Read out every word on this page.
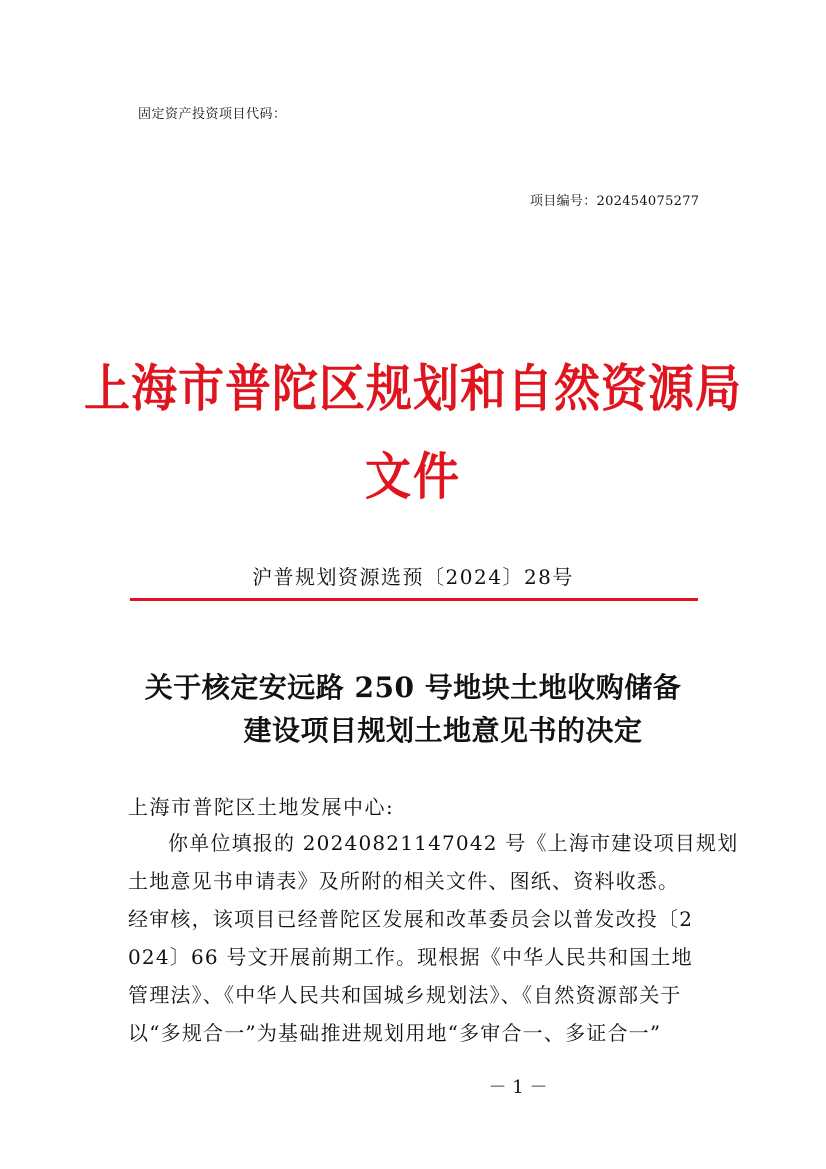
固定资产投资项目代码：
项目编号：202454075277
上海市普陀区规划和自然资源局
文件
沪普规划资源选预〔2024〕28号
关于核定安远路 250 号地块土地收购储备
建设项目规划土地意见书的决定
上海市普陀区土地发展中心:
你单位填报的 20240821147042 号《上海市建设项目规划
土地意见书申请表》及所附的相关文件、图纸、资料收悉。
经审核，该项目已经普陀区发展和改革委员会以普发改投〔2
024〕66 号文开展前期工作。现根据《中华人民共和国土地
管理法》、《中华人民共和国城乡规划法》、《自然资源部关于
以“多规合一”为基础推进规划用地“多审合一、多证合一”
－ 1 －
